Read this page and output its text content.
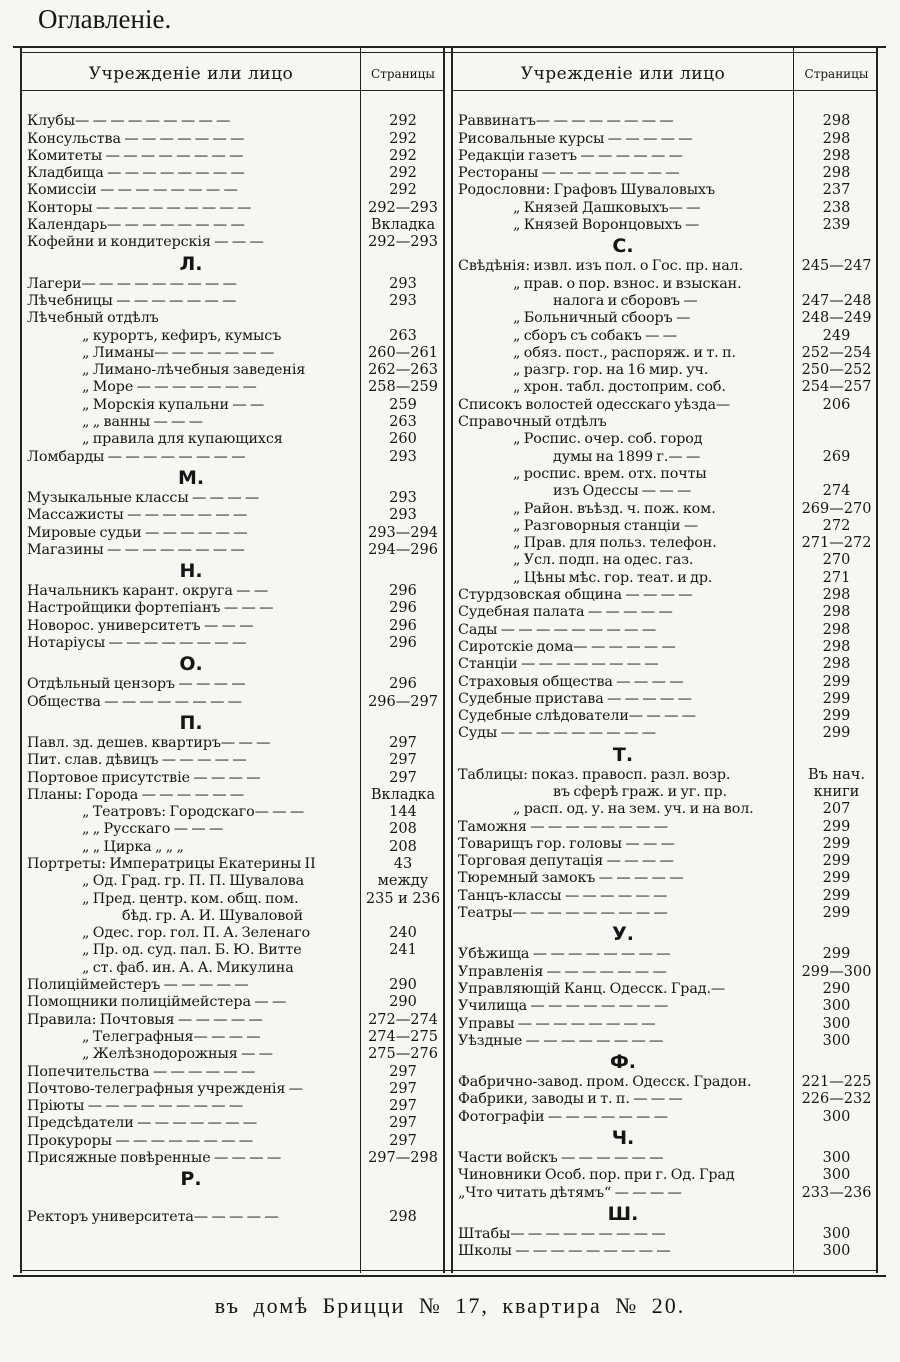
Оглавленіе.
Учрежденіе или лицо	Страницы
Клубы— — — — — — — — —	292
Консульства — — — — — — —	292
Комитеты — — — — — — — —	292
Кладбища — — — — — — — —	292
Комиссіи — — — — — — — —	292
Конторы — — — — — — — — —	292—293
Календарь— — — — — — — —	Вкладка
Кофейни и кондитерскія — — —	292—293
Л.
Лагери— — — — — — — — —	293
Лѣчебницы — — — — — — —	293
Лѣчебный отдѣлъ
„ курортъ, кефиръ, кумысъ	263
„ Лиманы— — — — — — —	260—261
„ Лимано-лѣчебныя заведенія	262—263
„ Море — — — — — — —	258—259
„ Морскія купальни — —	259
„ „ ванны — — —	263
„ правила для купающихся	260
Ломбарды — — — — — — — —	293
М.
Музыкальные классы — — — —	293
Массажисты — — — — — — —	293
Мировые судьи — — — — — —	293—294
Магазины — — — — — — — —	294—296
Н.
Начальникъ карант. округа — —	296
Настройщики фортепіанъ — — —	296
Новорос. университетъ — — —	296
Нотаріусы — — — — — — — —	296
О.
Отдѣльный цензоръ — — — —	296
Общества — — — — — — — —	296—297
П.
Павл. зд. дешев. квартиръ— — —	297
Пит. слав. дѣвицъ — — — — —	297
Портовое присутствіе — — — —	297
Планы: Города — — — — — —	Вкладка
„ Театровъ: Городскаго— — —	144
„ „ Русскаго — — —	208
„ „ Цирка „ „ „	208
Портреты: Императрицы Екатерины II	43
„ Од. Град. гр. П. П. Шувалова	между
„ Пред. центр. ком. общ. пом.	235 и 236
бѣд. гр. А. И. Шуваловой
„ Одес. гор. гол. П. А. Зеленаго	240
„ Пр. од. суд. пал. Б. Ю. Витте	241
„ ст. фаб. ин. А. А. Микулина
Полиціймейстеръ — — — — —	290
Помощники полиціймейстера — —	290
Правила: Почтовыя — — — — —	272—274
„ Телеграфныя— — — —	274—275
„ Желѣзнодорожныя — —	275—276
Попечительства — — — — — —	297
Почтово-телеграфныя учрежденія —	297
Пріюты — — — — — — — — —	297
Предсѣдатели — — — — — — —	297
Прокуроры — — — — — — — —	297
Присяжные повѣренные — — — —	297—298
Р.
Ректоръ университета— — — — —	298
Учрежденіе или лицо	Страницы
Раввинатъ— — — — — — — —	298
Рисовальные курсы — — — — —	298
Редакціи газетъ — — — — — —	298
Рестораны — — — — — — — —	298
Родословни: Графовъ Шуваловыхъ	237
„ Князей Дашковыхъ— —	238
„ Князей Воронцовыхъ —	239
С.
Свѣдѣнія: извл. изъ пол. о Гос. пр. нал.	245—247
„ прав. о пор. взнос. и взыскан.
налога и сборовъ —	247—248
„ Больничный сбооръ —	248—249
„ сборъ съ собакъ — —	249
„ обяз. пост., распоряж. и т. п.	252—254
„ разгр. гор. на 16 мир. уч.	250—252
„ хрон. табл. достоприм. соб.	254—257
Списокъ волостей одесскаго уѣзда—	206
Справочный отдѣлъ
„ Роспис. очер. соб. город
думы на 1899 г.— —	269
„ роспис. врем. отх. почты
изъ Одессы — — —	274
„ Район. въѣзд. ч. пож. ком.	269—270
„ Разговорныя станціи —	272
„ Прав. для польз. телефон.	271—272
„ Усл. подп. на одес. газ.	270
„ Цѣны мѣс. гор. теат. и др.	271
Стурдзовская община — — — —	298
Судебная палата — — — — —	298
Сады — — — — — — — — —	298
Сиротскіе дома— — — — — —	298
Станціи — — — — — — — —	298
Страховыя общества — — — —	299
Судебные пристава — — — — —	299
Судебные слѣдователи— — — —	299
Суды — — — — — — — — —	299
Т.
Таблицы: показ. правосп. разл. возр.	Въ нач.
въ сферѣ граж. и уг. пр.	книги
„ расп. од. у. на зем. уч. и на вол.	207
Таможня — — — — — — — —	299
Товарищъ гор. головы — — —	299
Торговая депутація — — — —	299
Тюремный замокъ — — — — —	299
Танцъ-классы — — — — — —	299
Театры— — — — — — — — —	299
У.
Убѣжища — — — — — — — —	299
Управленія — — — — — — —	299—300
Управляющій Канц. Одесск. Град.—	290
Училища — — — — — — — —	300
Управы — — — — — — — —	300
Уѣздные — — — — — — — —	300
Ф.
Фабрично-завод. пром. Одесск. Градон.	221—225
Фабрики, заводы и т. п. — — —	226—232
Фотографіи — — — — — — —	300
Ч.
Части войскъ — — — — — —	300
Чиновники Особ. пор. при г. Од. Град	300
„Что читать дѣтямъ“ — — — —	233—236
Ш.
Штабы— — — — — — — — —	300
Школы — — — — — — — — —	300
въ домѣ Брицци № 17, квартира № 20.
